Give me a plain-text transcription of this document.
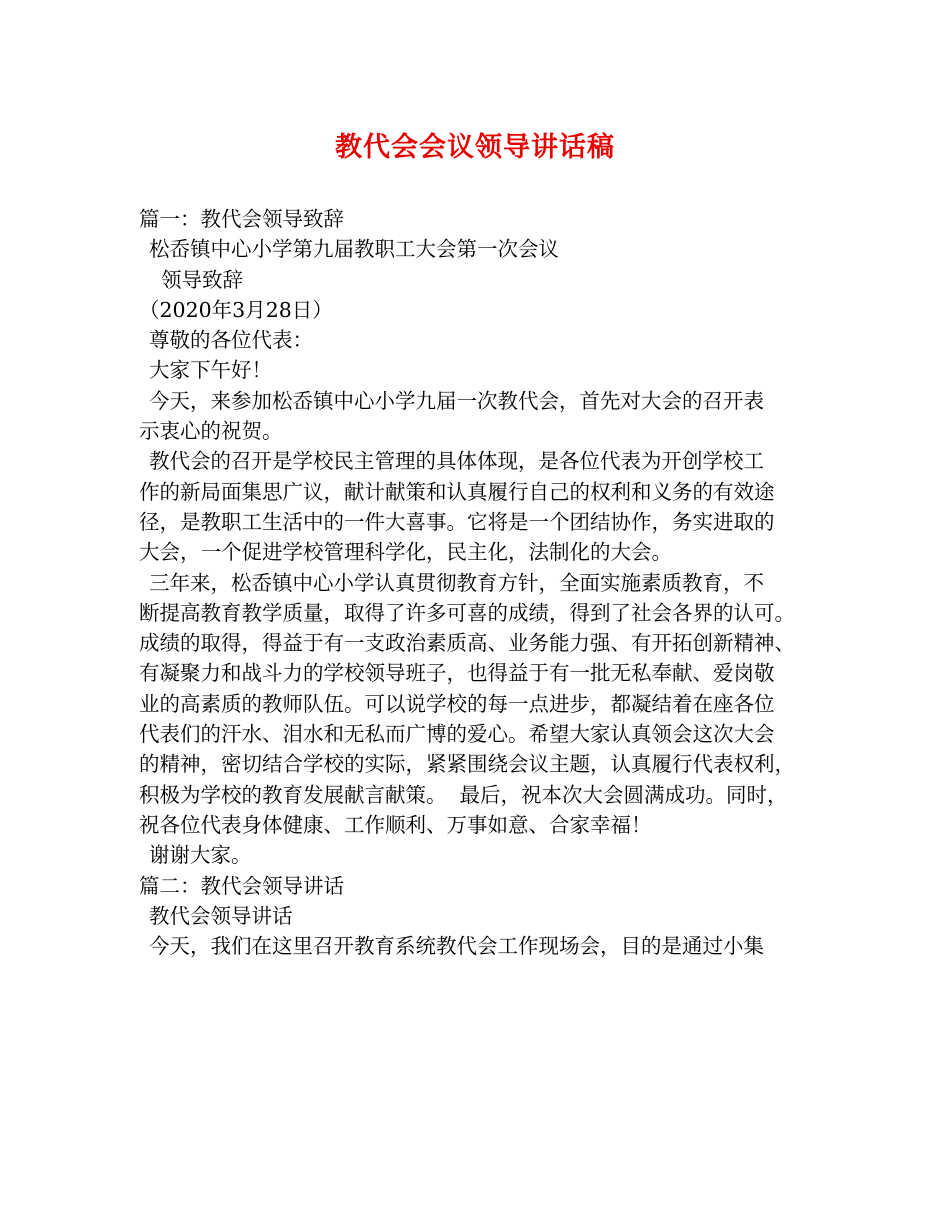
教代会会议领导讲话稿
篇一：教代会领导致辞
松岙镇中心小学第九届教职工大会第一次会议
领导致辞
（2020年3月28日）
尊敬的各位代表：
大家下午好！
今天，来参加松岙镇中心小学九届一次教代会，首先对大会的召开表
示衷心的祝贺。
教代会的召开是学校民主管理的具体体现，是各位代表为开创学校工
作的新局面集思广议，献计献策和认真履行自己的权利和义务的有效途
径，是教职工生活中的一件大喜事。它将是一个团结协作，务实进取的
大会，一个促进学校管理科学化，民主化，法制化的大会。
三年来，松岙镇中心小学认真贯彻教育方针，全面实施素质教育，不
断提高教育教学质量，取得了许多可喜的成绩，得到了社会各界的认可。
成绩的取得，得益于有一支政治素质高、业务能力强、有开拓创新精神、
有凝聚力和战斗力的学校领导班子，也得益于有一批无私奉献、爱岗敬
业的高素质的教师队伍。可以说学校的每一点进步，都凝结着在座各位
代表们的汗水、泪水和无私而广博的爱心。希望大家认真领会这次大会
的精神，密切结合学校的实际，紧紧围绕会议主题，认真履行代表权利，
积极为学校的教育发展献言献策。  最后，祝本次大会圆满成功。同时，
祝各位代表身体健康、工作顺利、万事如意、合家幸福！
谢谢大家。
篇二：教代会领导讲话
教代会领导讲话
今天，我们在这里召开教育系统教代会工作现场会，目的是通过小集
